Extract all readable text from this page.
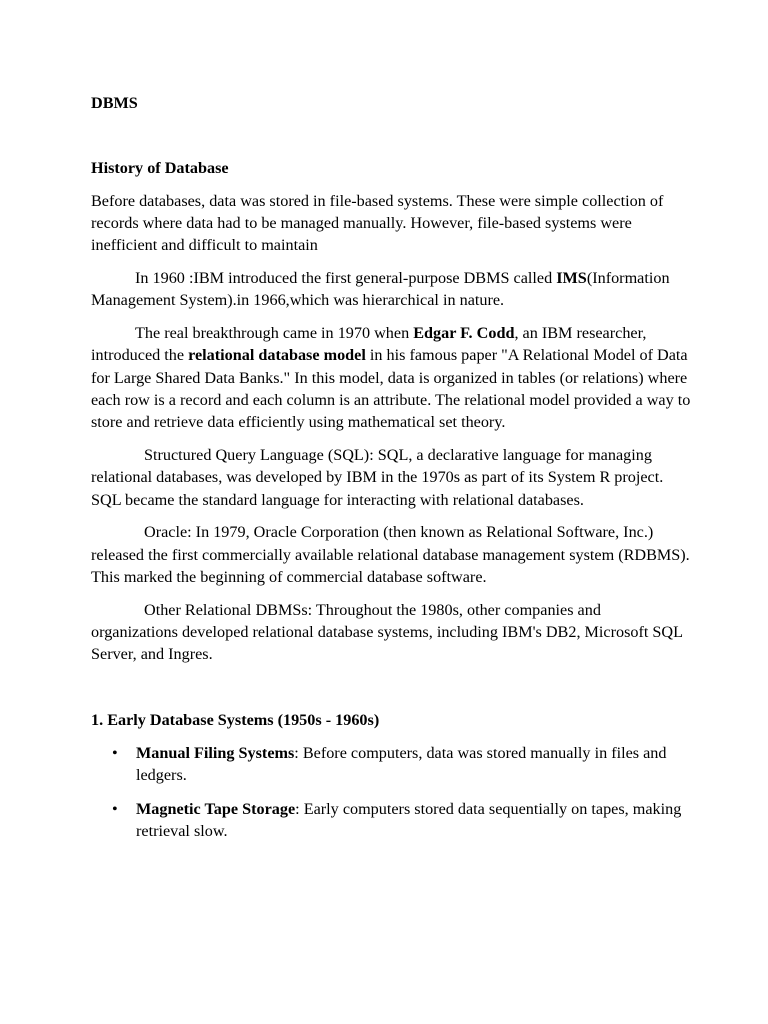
DBMS

History of Database

Before databases, data was stored in file-based systems. These were simple collection of records where data had to be managed manually. However, file-based systems were inefficient and difficult to maintain

In 1960 :IBM introduced the first general-purpose DBMS called IMS(Information Management System).in 1966,which was hierarchical in nature.

The real breakthrough came in 1970 when Edgar F. Codd, an IBM researcher, introduced the relational database model in his famous paper "A Relational Model of Data for Large Shared Data Banks." In this model, data is organized in tables (or relations) where each row is a record and each column is an attribute. The relational model provided a way to store and retrieve data efficiently using mathematical set theory.

Structured Query Language (SQL): SQL, a declarative language for managing relational databases, was developed by IBM in the 1970s as part of its System R project. SQL became the standard language for interacting with relational databases.

Oracle: In 1979, Oracle Corporation (then known as Relational Software, Inc.) released the first commercially available relational database management system (RDBMS). This marked the beginning of commercial database software.

Other Relational DBMSs: Throughout the 1980s, other companies and organizations developed relational database systems, including IBM's DB2, Microsoft SQL Server, and Ingres.

1. Early Database Systems (1950s - 1960s)

• Manual Filing Systems: Before computers, data was stored manually in files and ledgers.
• Magnetic Tape Storage: Early computers stored data sequentially on tapes, making retrieval slow.
